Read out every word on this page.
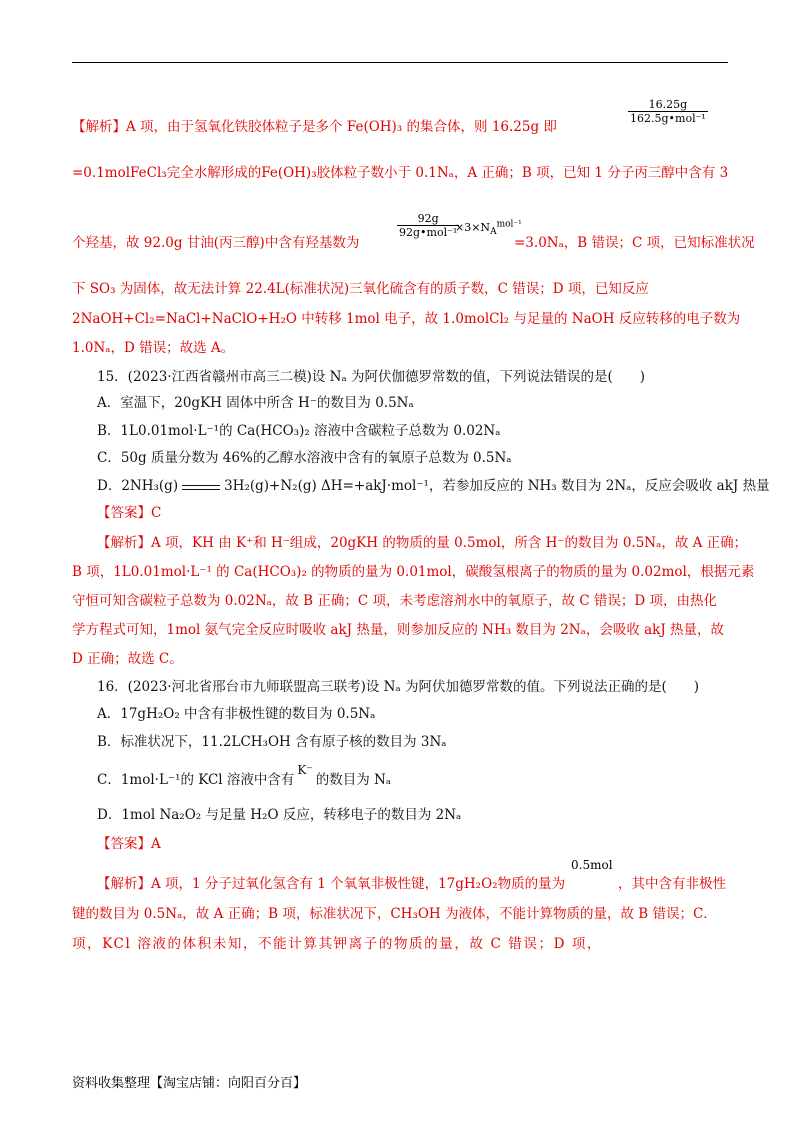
【解析】A 项，由于氢氧化铁胶体粒子是多个 Fe(OH)₃ 的集合体，则 16.25g 即
16.25g
162.5g•mol⁻¹
=0.1molFeCl₃完全水解形成的Fe(OH)₃胶体粒子数小于 0.1Nₐ，A 正确；B 项，已知 1 分子丙三醇中含有 3
个羟基，故 92.0g 甘油(丙三醇)中含有羟基数为
92g
92g•mol⁻¹
$\times 3\times N_A^{mol^{-1}}$
=3.0Nₐ，B 错误；C 项，已知标准状况
下 SO₃ 为固体，故无法计算 22.4L(标准状况)三氧化硫含有的质子数，C 错误；D 项，已知反应
2NaOH+Cl₂=NaCl+NaClO+H₂O 中转移 1mol 电子，故 1.0molCl₂ 与足量的 NaOH 反应转移的电子数为
1.0Nₐ，D 错误；故选 A。
15．(2023·江西省赣州市高三二模)设 Nₐ 为阿伏伽德罗常数的值，下列说法错误的是(　　)
A．室温下，20gKH 固体中所含 H⁻的数目为 0.5Nₐ
B．1L0.01mol·L⁻¹的 Ca(HCO₃)₂ 溶液中含碳粒子总数为 0.02Nₐ
C．50g 质量分数为 46%的乙醇水溶液中含有的氧原子总数为 0.5Nₐ
D．2NH₃(g)	3H₂(g)+N₂(g) ΔH=+akJ·mol⁻¹，若参加反应的 NH₃ 数目为 2Nₐ，反应会吸收 akJ 热量
【答案】C
【解析】A 项，KH 由 K⁺和 H⁻组成，20gKH 的物质的量 0.5mol，所含 H⁻的数目为 0.5Nₐ，故 A 正确；
B 项，1L0.01mol·L⁻¹ 的 Ca(HCO₃)₂ 的物质的量为 0.01mol，碳酸氢根离子的物质的量为 0.02mol，根据元素
守恒可知含碳粒子总数为 0.02Nₐ，故 B 正确；C 项，未考虑溶剂水中的氧原子，故 C 错误；D 项，由热化
学方程式可知，1mol 氨气完全反应时吸收 akJ 热量，则参加反应的 NH₃ 数目为 2Nₐ，会吸收 akJ 热量，故
D 正确；故选 C。
16．(2023·河北省邢台市九师联盟高三联考)设 Nₐ 为阿伏加德罗常数的值。下列说法正确的是(　　)
A．17gH₂O₂ 中含有非极性键的数目为 0.5Nₐ
B．标准状况下，11.2LCH₃OH 含有原子核的数目为 3Nₐ
C．1mol·L⁻¹的 KCl 溶液中含有K⁻的数目为 Nₐ
D．1mol Na₂O₂ 与足量 H₂O 反应，转移电子的数目为 2Nₐ
【答案】A
【解析】A 项，1 分子过氧化氢含有 1 个氧氧非极性键，17gH₂O₂物质的量为
0.5mol
，其中含有非极性
键的数目为 0.5Nₐ，故 A 正确；B 项，标准状况下，CH₃OH 为液体，不能计算物质的量，故 B 错误；C．
项，KCl 溶液的体积未知，不能计算其钾离子的物质的量，故 C 错误；D 项，
资料收集整理【淘宝店铺：向阳百分百】
